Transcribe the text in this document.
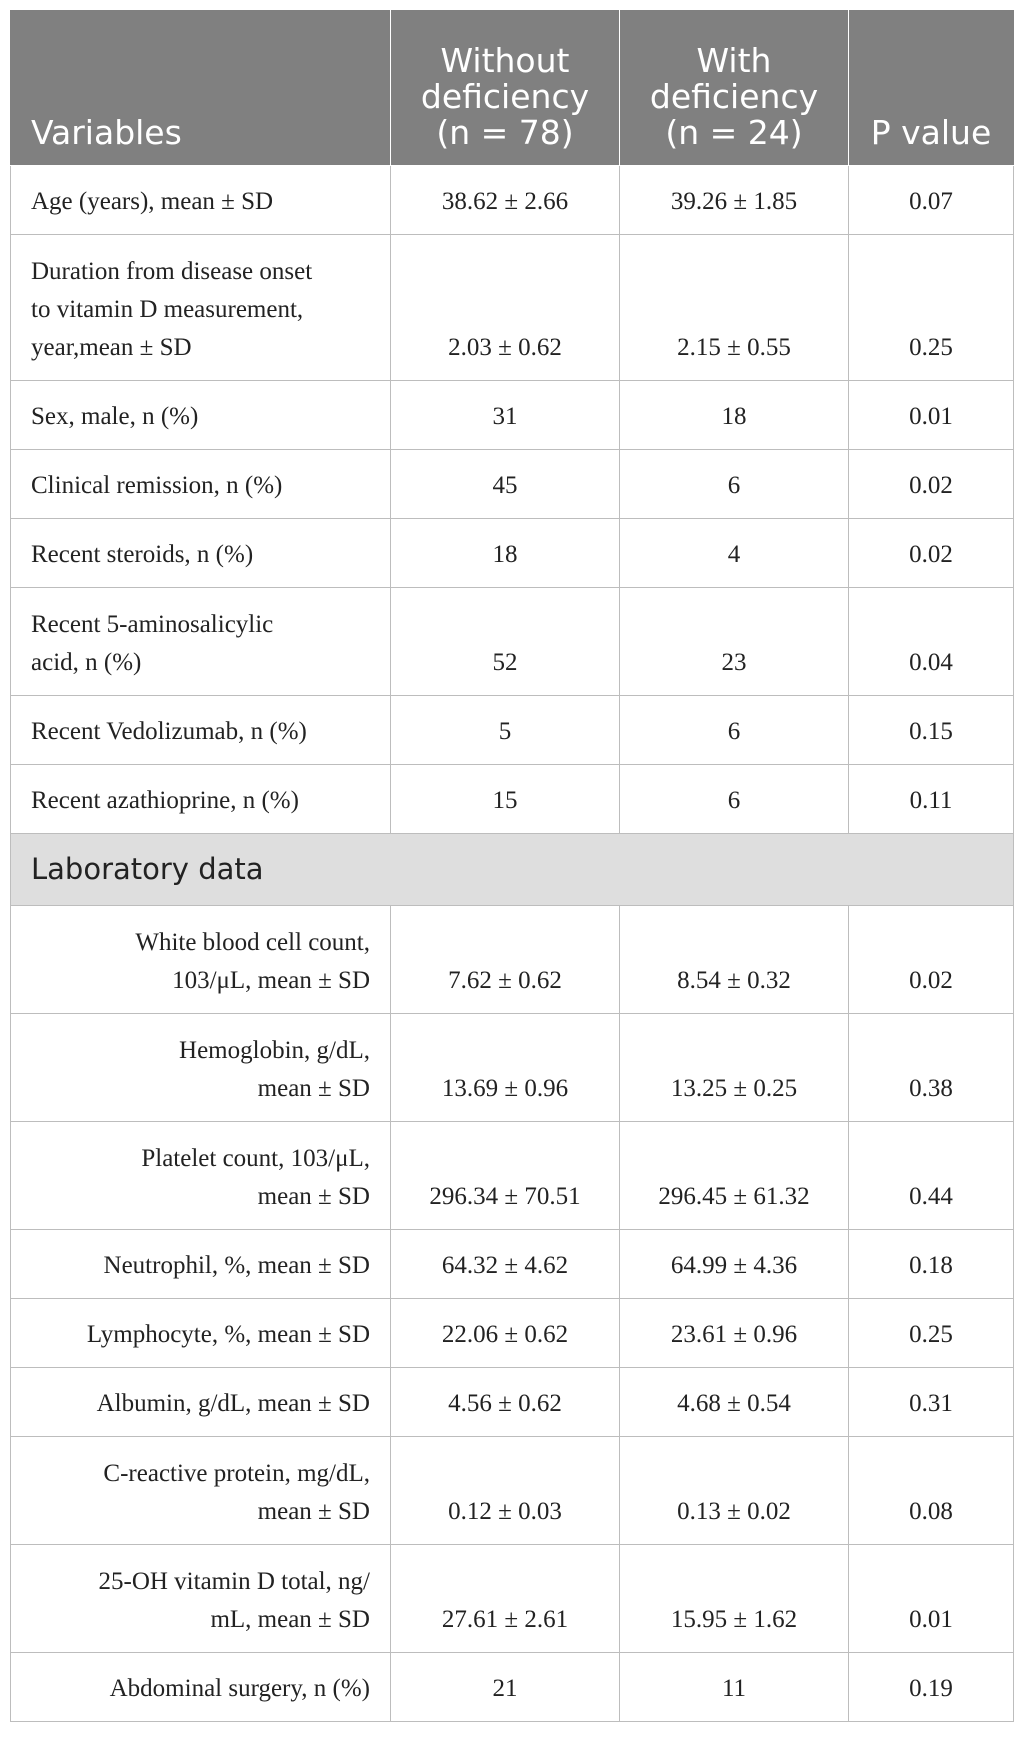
Variables	Without
deficiency
(n = 78)	With
deficiency
(n = 24)	P value
Age (years), mean ± SD	38.62 ± 2.66	39.26 ± 1.85	0.07
Duration from disease onset
to vitamin D measurement,
year,mean ± SD	2.03 ± 0.62	2.15 ± 0.55	0.25
Sex, male, n (%)	31	18	0.01
Clinical remission, n (%)	45	6	0.02
Recent steroids, n (%)	18	4	0.02
Recent 5-aminosalicylic
acid, n (%)	52	23	0.04
Recent Vedolizumab, n (%)	5	6	0.15
Recent azathioprine, n (%)	15	6	0.11
Laboratory data			
White blood cell count,
103/μL, mean ± SD	7.62 ± 0.62	8.54 ± 0.32	0.02
Hemoglobin, g/dL,
mean ± SD	13.69 ± 0.96	13.25 ± 0.25	0.38
Platelet count, 103/μL,
mean ± SD	296.34 ± 70.51	296.45 ± 61.32	0.44
Neutrophil, %, mean ± SD	64.32 ± 4.62	64.99 ± 4.36	0.18
Lymphocyte, %, mean ± SD	22.06 ± 0.62	23.61 ± 0.96	0.25
Albumin, g/dL, mean ± SD	4.56 ± 0.62	4.68 ± 0.54	0.31
C-reactive protein, mg/dL,
mean ± SD	0.12 ± 0.03	0.13 ± 0.02	0.08
25-OH vitamin D total, ng/
mL, mean ± SD	27.61 ± 2.61	15.95 ± 1.62	0.01
Abdominal surgery, n (%)	21	11	0.19
